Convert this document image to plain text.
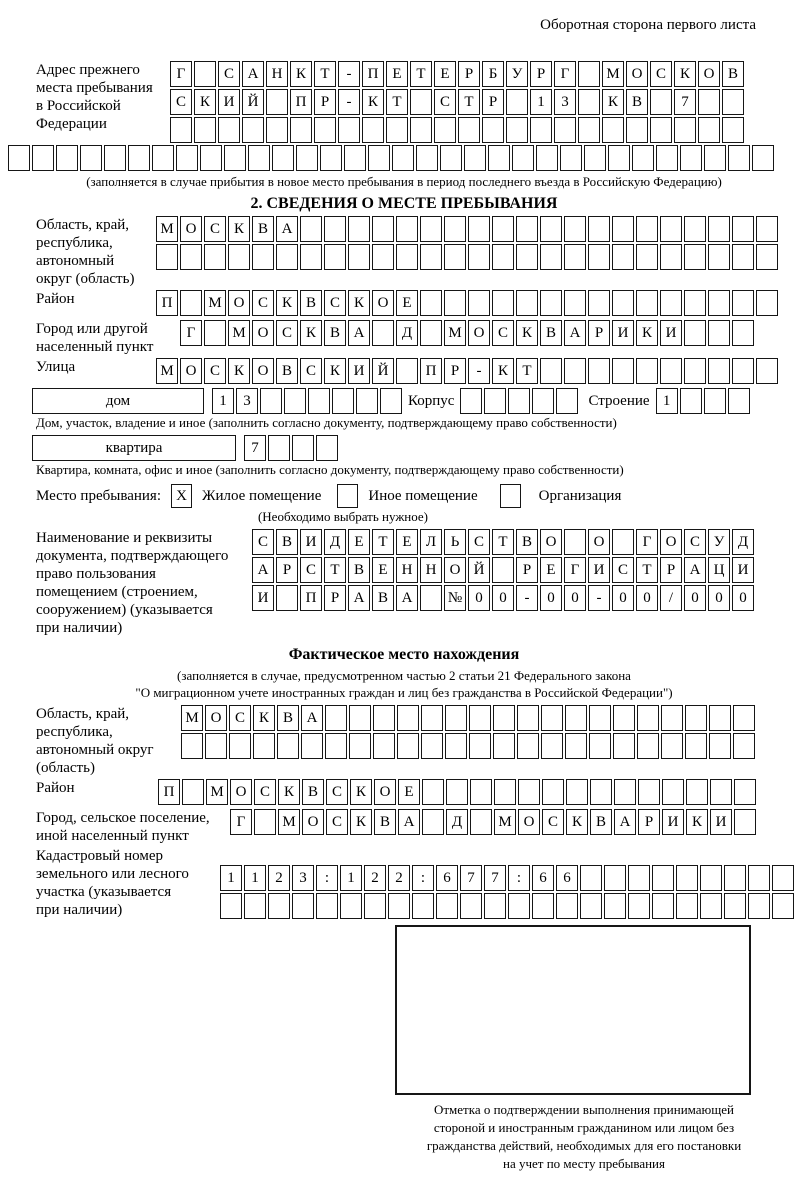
Оборотная сторона первого листа
Адрес прежнего
места пребывания
в Российской
Федерации
Г	С А Н К Т	-	П Е Т Е	Р	Б У Р	Г	М О С К О В
С К И Й	П Р	-	К Т	С Т	Р	1	3	К В	7
(заполняется в случае прибытия в новое место пребывания в период последнего въезда в Российскую Федерацию)
2. СВЕДЕНИЯ О МЕСТЕ ПРЕБЫВАНИЯ
Область, край,
республика,
автономный
округ (область)
М О С К В А
Район	П	М О С К В С К О Е
Город или другой
населенный пункт
Г	М О С К В А	Д	М О С К В А Р И К И
Улица	М О С К О В С К И Й	П Р	-	К Т
дом	1	3	Корпус	Строение 1
Дом, участок, владение и иное (заполнить согласно документу, подтверждающему право собственности)
квартира	7
Квартира, комната, офис и иное (заполнить согласно документу, подтверждающему право собственности)
Место пребывания:	X	Жилое помещение	Иное помещение	Организация
(Необходимо выбрать нужное)
Наименование и реквизиты
документа, подтверждающего
право пользования
помещением (строением,
сооружением) (указывается
при наличии)
С В И Д Е Т Е Л Ь С Т В О	О	Г О С У Д
А Р С Т В Е Н Н О Й	Р	Е	Г И С Т	Р А Ц И
И	П Р А В А	№ 0	0	-	0	0	-	0	0	/	0	0	0
Фактическое место нахождения
(заполняется в случае, предусмотренном частью 2 статьи 21 Федерального закона
"О миграционном учете иностранных граждан и лиц без гражданства в Российской Федерации")
Область, край,
республика,
автономный округ
(область)
М О С К В А
Район	П	М О С К В С К О Е
Город, сельское поселение,
иной населенный пункт
Г	М О С К В А	Д	М О С К В А Р И К И
Кадастровый номер
земельного или лесного
участка (указывается
при наличии)
1	1	2	3	:	1	2	2	:	6	7	7	:	6	6
Отметка о подтверждении выполнения принимающей
стороной и иностранным гражданином или лицом без
гражданства действий, необходимых для его постановки
на учет по месту пребывания
